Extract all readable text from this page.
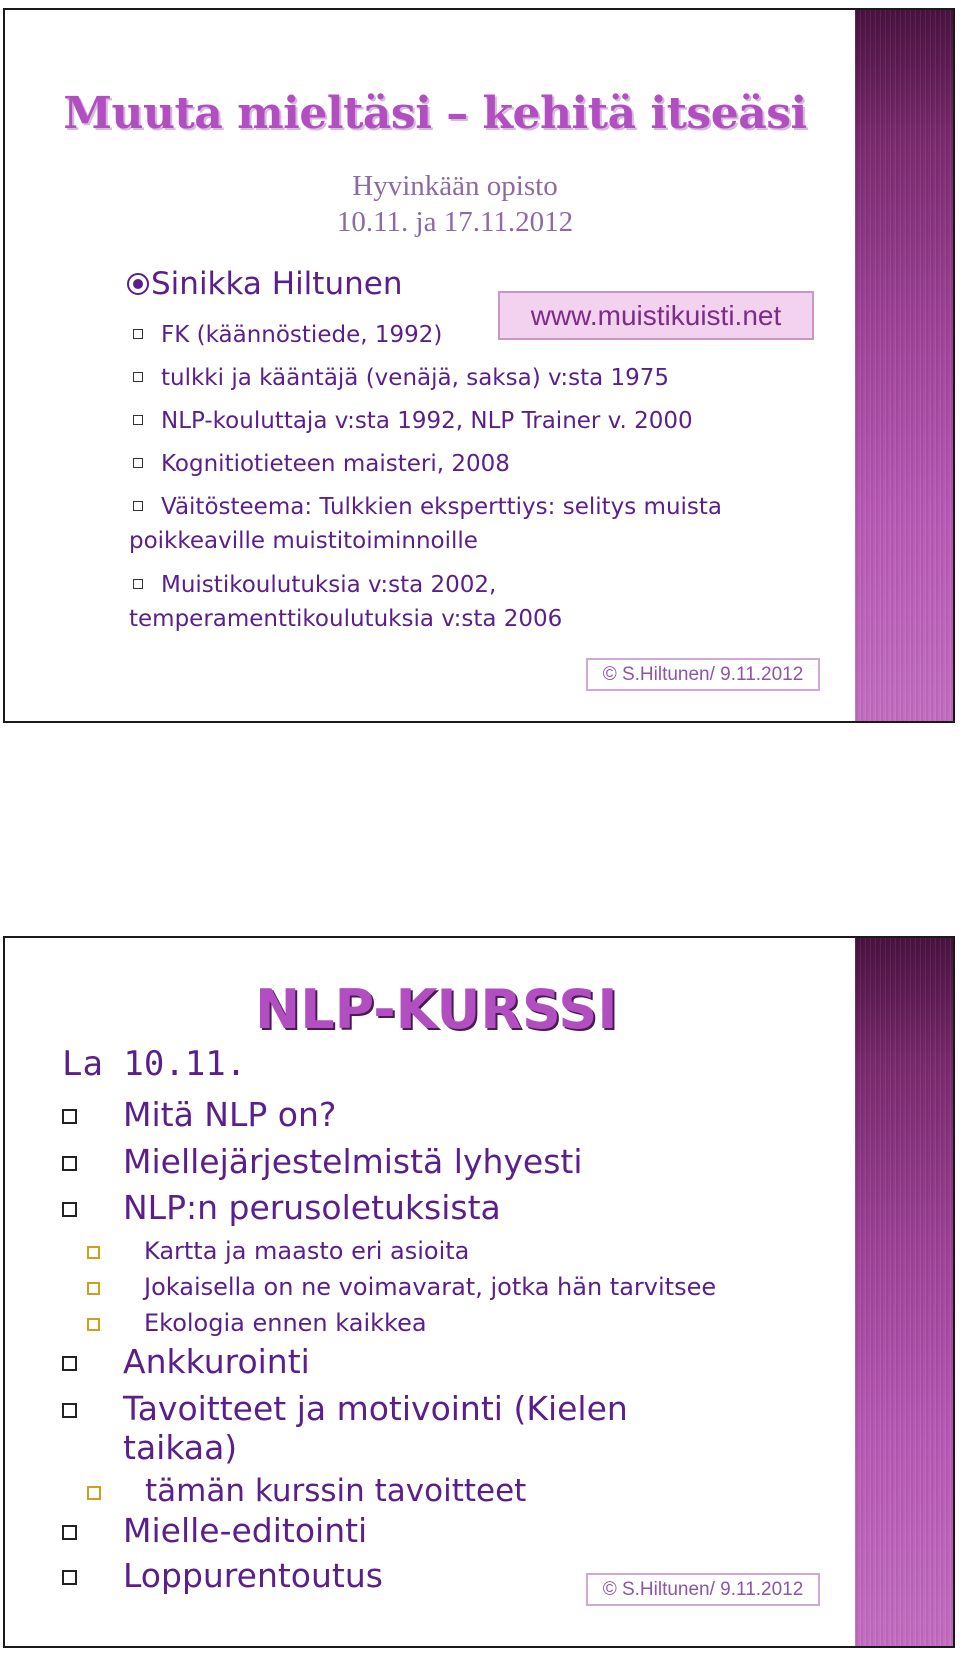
Muuta mieltäsi – kehitä itseäsi
Hyvinkään opisto
10.11. ja 17.11.2012
Sinikka Hiltunen
www.muistikuisti.net
FK (käännöstiede, 1992)
tulkki ja kääntäjä (venäjä, saksa) v:sta 1975
NLP-kouluttaja v:sta 1992, NLP Trainer v. 2000
Kognitiotieteen maisteri, 2008
Väitösteema: Tulkkien eksperttiys: selitys muista
poikkeaville muistitoiminnoille
Muistikoulutuksia v:sta 2002,
temperamenttikoulutuksia v:sta 2006
© S.Hiltunen/ 9.11.2012
NLP-KURSSI
La 10.11.
Mitä NLP on?
Miellejärjestelmistä lyhyesti
NLP:n perusoletuksista
Kartta ja maasto eri asioita
Jokaisella on ne voimavarat, jotka hän tarvitsee
Ekologia ennen kaikkea
Ankkurointi
Tavoitteet ja motivointi (Kielen
taikaa)
tämän kurssin tavoitteet
Mielle-editointi
Loppurentoutus	© S.Hiltunen/ 9.11.2012
